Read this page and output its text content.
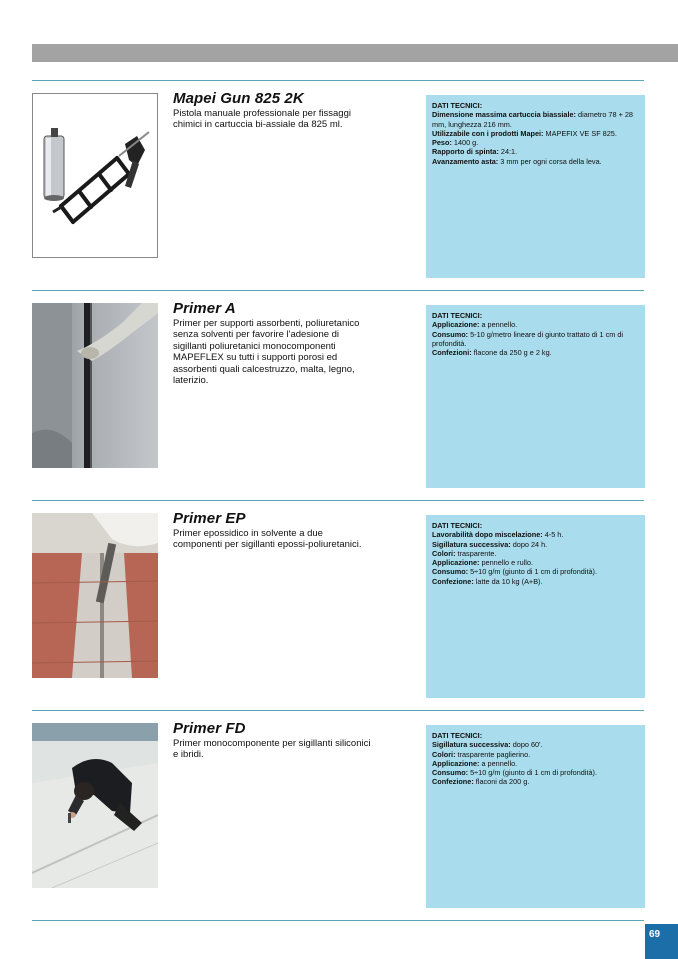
Mapei Gun 825 2K

Pistola manuale professionale per fissaggi chimici in cartuccia bi-assiale da 825 ml.

DATI TECNICI:
Dimensione massima cartuccia biassiale: diametro 78 + 28 mm, lunghezza 216 mm.
Utilizzabile con i prodotti Mapei: MAPEFIX VE SF 825.
Peso: 1400 g.
Rapporto di spinta: 24:1.
Avanzamento asta: 3 mm per ogni corsa della leva.
Primer A

Primer per supporti assorbenti, poliuretanico senza solventi per favorire l'adesione di sigillanti poliuretanici monocomponenti MAPEFLEX su tutti i supporti porosi ed assorbenti quali calcestruzzo, malta, legno, laterizio.

DATI TECNICI:
Applicazione: a pennello.
Consumo: 5-10 g/metro lineare di giunto trattato di 1 cm di profondità.
Confezioni: flacone da 250 g e 2 kg.
Primer EP

Primer epossidico in solvente a due componenti per sigillanti epossi-poliuretanici.

DATI TECNICI:
Lavorabilità dopo miscelazione: 4-5 h.
Sigillatura successiva: dopo 24 h.
Colori: trasparente.
Applicazione: pennello e rullo.
Consumo: 5÷10 g/m (giunto di 1 cm di profondità).
Confezione: latte da 10 kg (A+B).
Primer FD

Primer monocomponente per sigillanti siliconici e ibridi.

DATI TECNICI:
Sigillatura successiva: dopo 60'.
Colori: trasparente paglierino.
Applicazione: a pennello.
Consumo: 5÷10 g/m (giunto di 1 cm di profondità).
Confezione: flaconi da 200 g.
69
